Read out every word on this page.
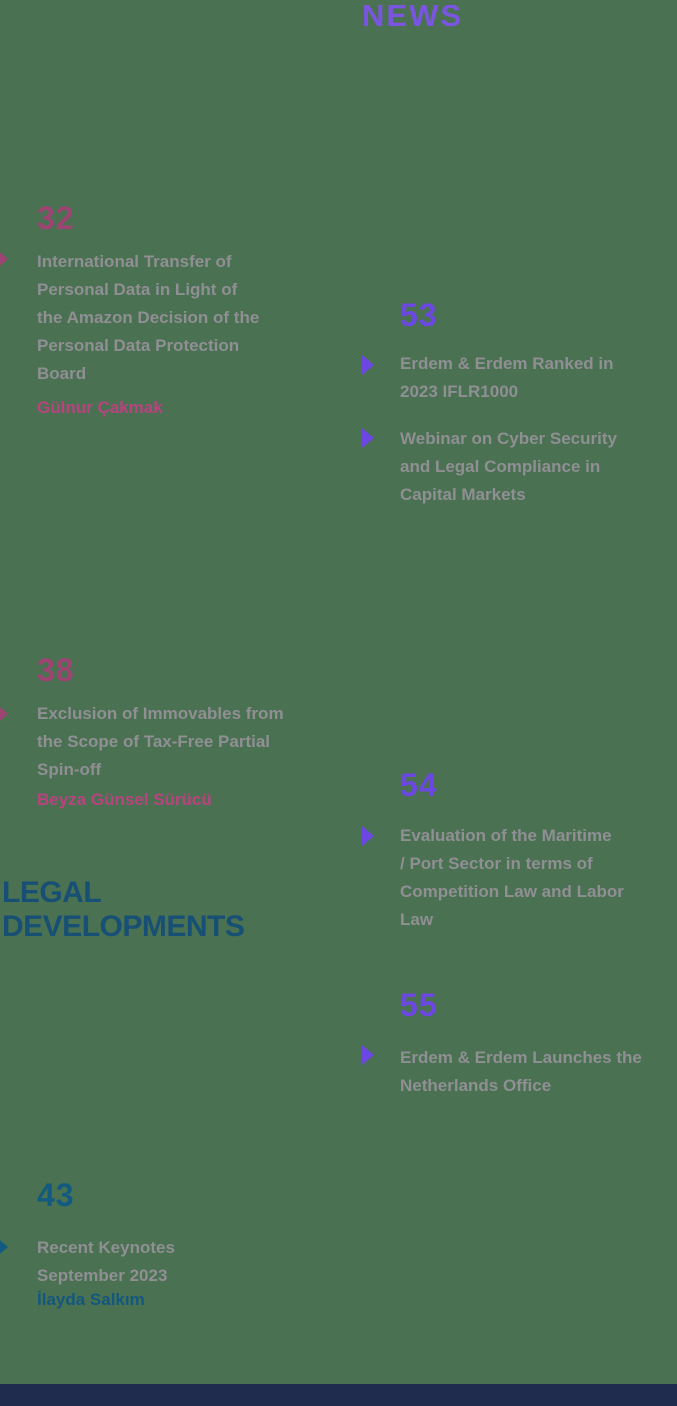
NEWS
32
International Transfer of
Personal Data in Light of
the Amazon Decision of the
Personal Data Protection
Board
Gülnur Çakmak
53
Erdem & Erdem Ranked in
2023 IFLR1000
Webinar on Cyber Security
and Legal Compliance in
Capital Markets
38
Exclusion of Immovables from
the Scope of Tax-Free Partial
Spin-off
Beyza Günsel Sürücü
LEGAL DEVELOPMENTS
54
Evaluation of the Maritime
/ Port Sector in terms of
Competition Law and Labor
Law
55
Erdem & Erdem Launches the
Netherlands Office
43
Recent Keynotes
September 2023
İlayda Salkım
